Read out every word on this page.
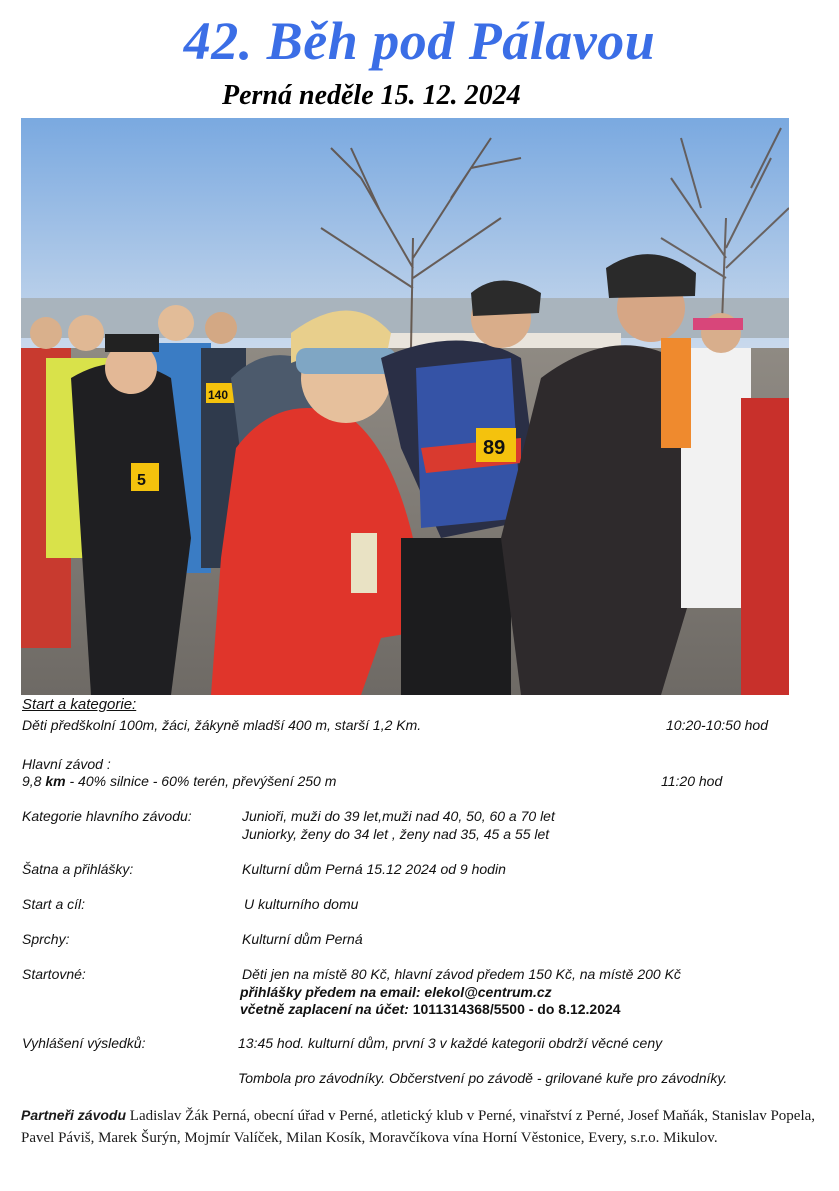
42. Běh pod Pálavou
Perná neděle 15. 12. 2024
5
140
89

Start a kategorie:

Děti předškolní 100m, žáci, žákyně mladší 400 m, starší 1,2 Km.	10:20-10:50 hod

Hlavní závod :

9,8 km - 40% silnice - 60% terén, převýšení 250 m	11:20 hod

Kategorie hlavního závodu:	Junioři, muži do 39 let,muži nad 40, 50, 60 a 70 let

Juniorky, ženy do 34 let , ženy nad 35, 45 a 55 let

Šatna a přihlášky:	Kulturní dům Perná 15.12 2024 od 9 hodin

Start a cíl:	U kulturního domu

Sprchy:	Kulturní dům Perná

Startovné:	Děti jen na místě 80 Kč, hlavní závod předem 150 Kč, na místě 200 Kč

přihlášky předem na email: elekol@centrum.cz

včetně zaplacení na účet: 1011314368/5500 - do 8.12.2024

Vyhlášení výsledků:	13:45 hod. kulturní dům, první 3 v každé kategorii obdrží věcné ceny

Tombola pro závodníky. Občerstvení po závodě - grilované kuře pro závodníky.

Partneři závodu Ladislav Žák Perná, obecní úřad v Perné, atletický klub v Perné, vinařství z Perné, Josef Maňák, Stanislav Popela, Pavel Páviš, Marek Šurýn, Mojmír Valíček, Milan Kosík, Moravčíkova vína Horní Věstonice, Every, s.r.o. Mikulov.
